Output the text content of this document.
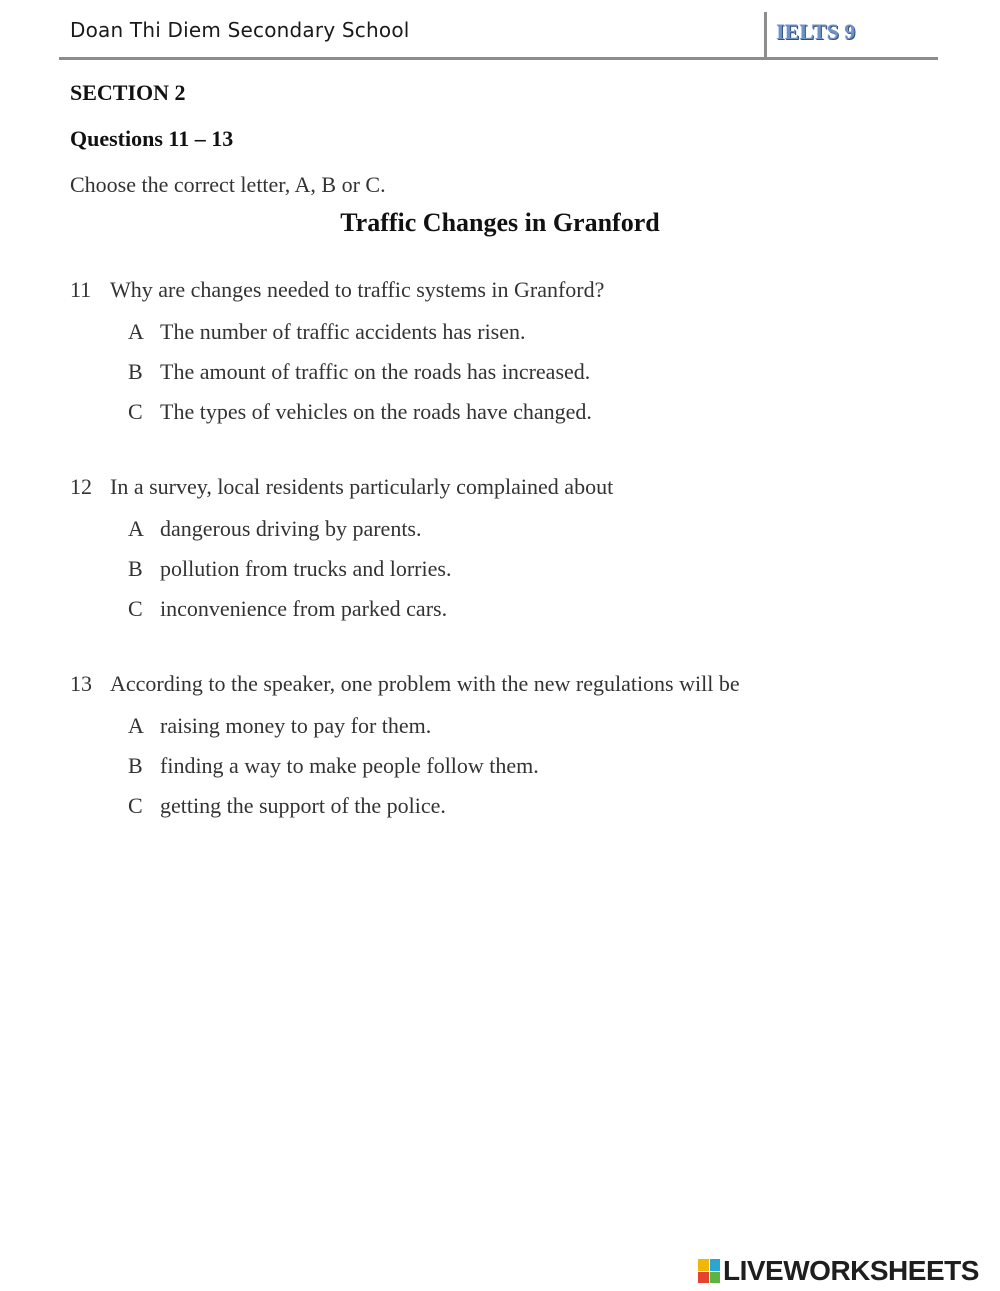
Doan Thi Diem Secondary School	IELTS 9
SECTION 2
Questions 11 – 13
Choose the correct letter, A, B or C.
Traffic Changes in Granford
11 Why are changes needed to traffic systems in Granford?
A The number of traffic accidents has risen.
B The amount of traffic on the roads has increased.
C The types of vehicles on the roads have changed.
12 In a survey, local residents particularly complained about
A dangerous driving by parents.
B pollution from trucks and lorries.
C inconvenience from parked cars.
13 According to the speaker, one problem with the new regulations will be
A raising money to pay for them.
B finding a way to make people follow them.
C getting the support of the police.
LIVEWORKSHEETS
